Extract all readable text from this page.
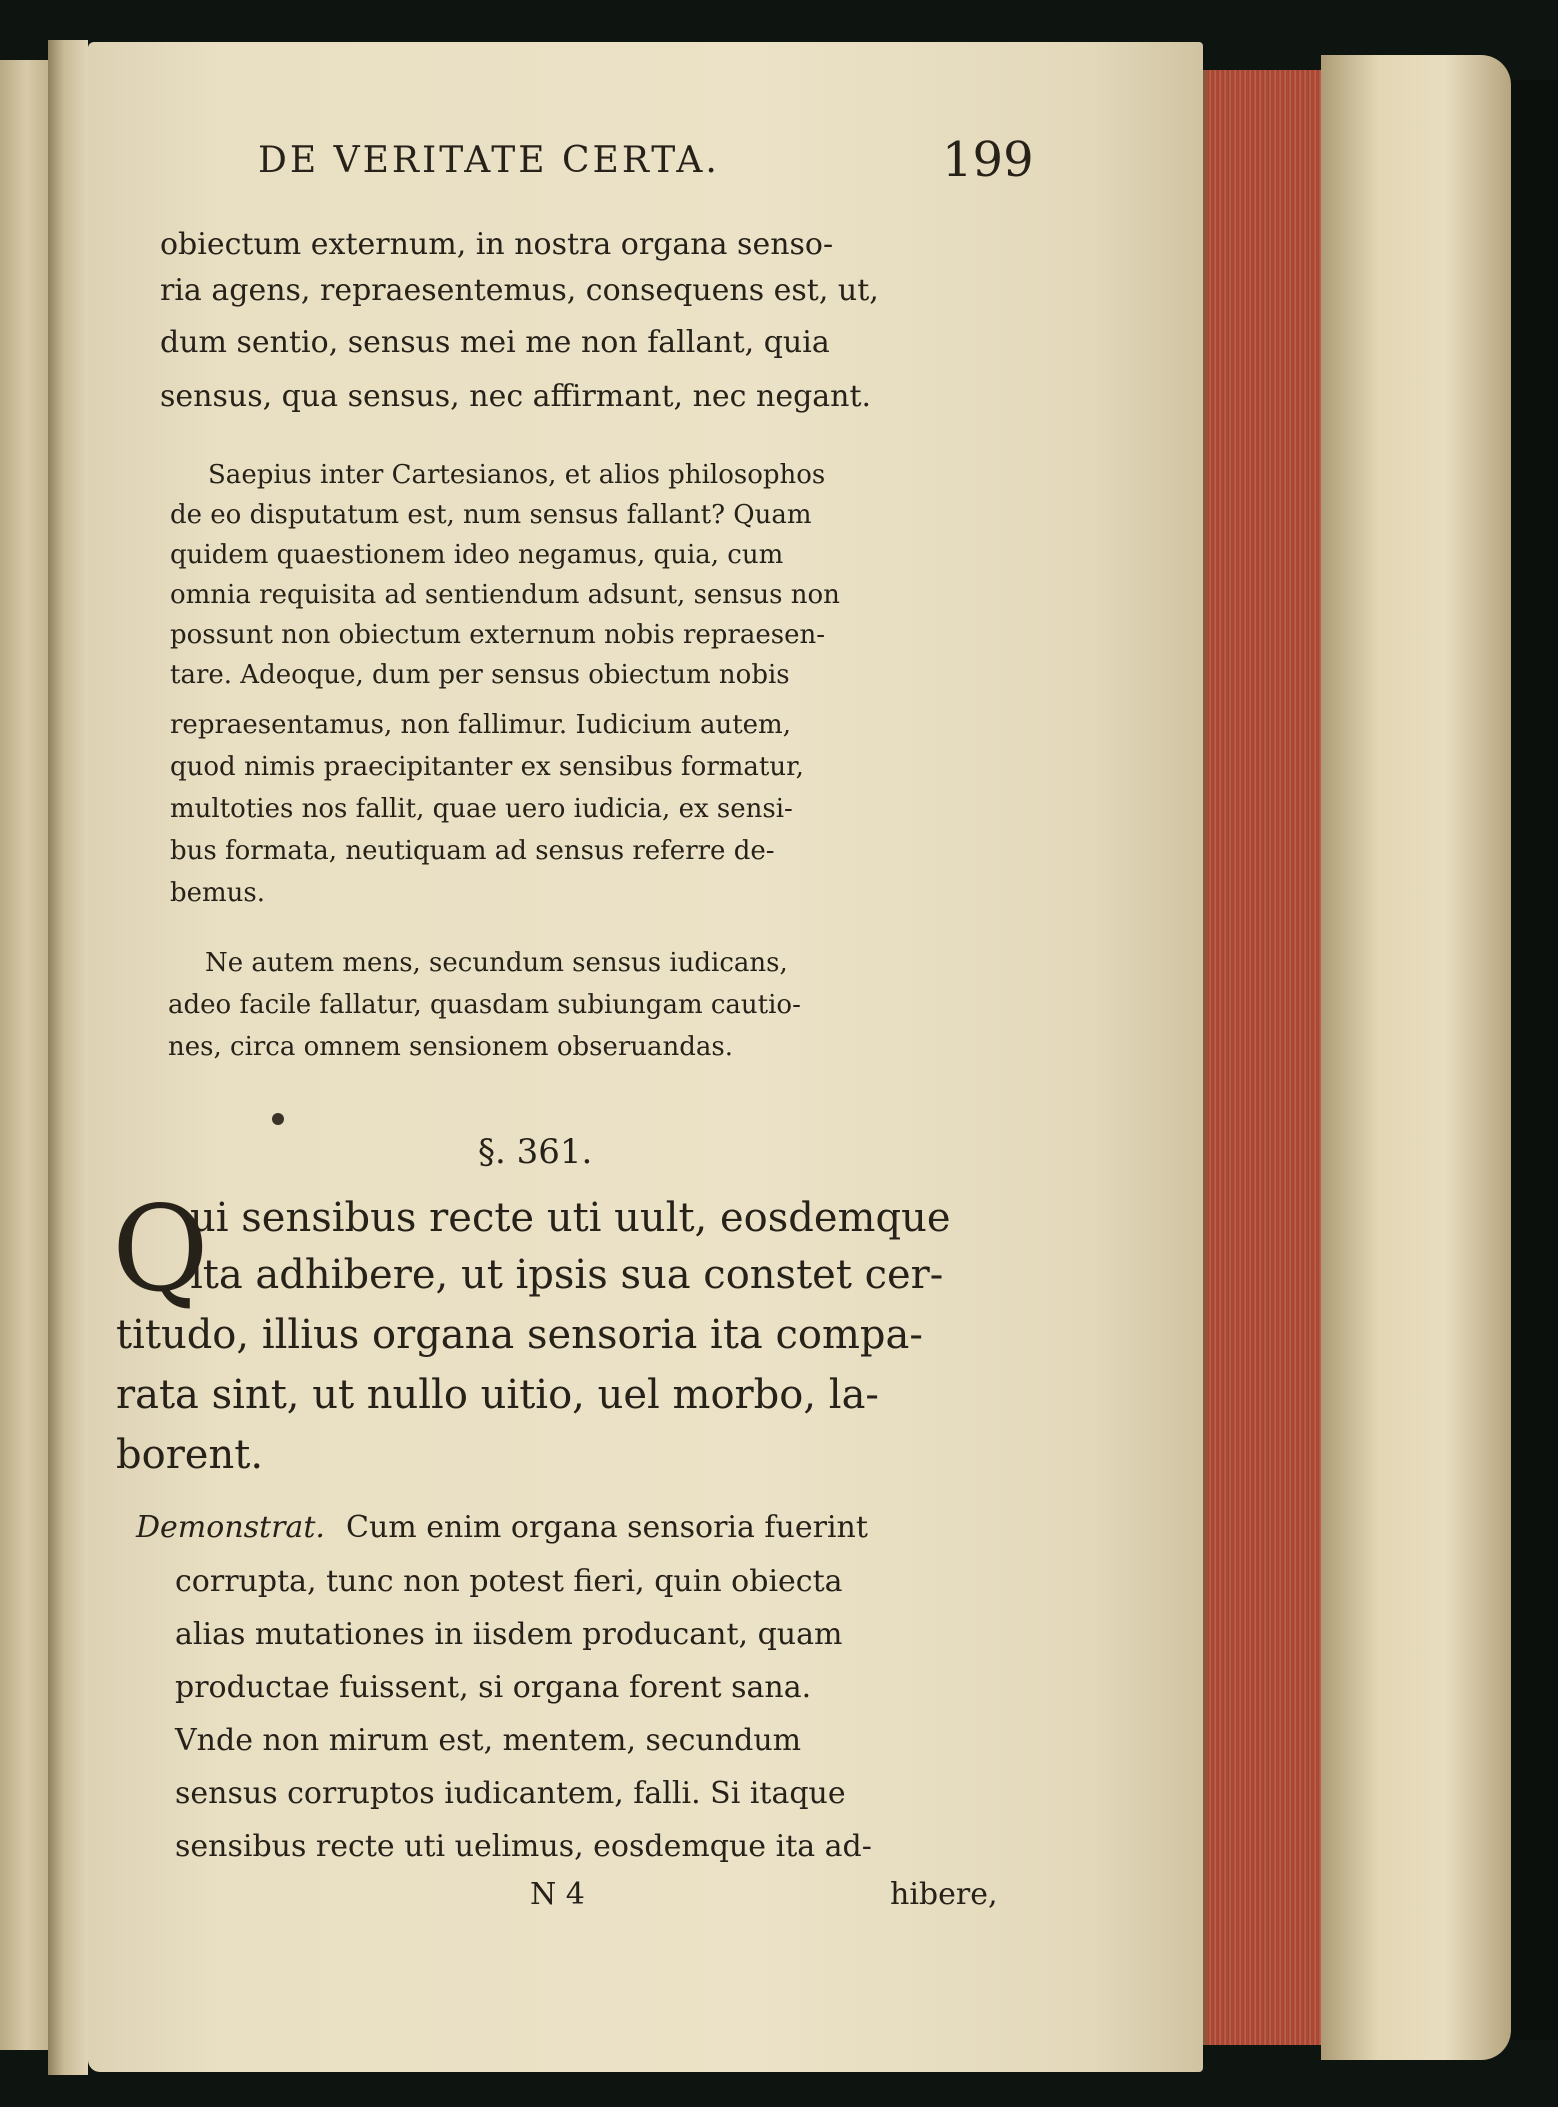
DE VERITATE CERTA.	199
obiectum externum, in nostra organa senso-
ria agens, repraesentemus, consequens est, ut,
dum sentio, sensus mei me non fallant, quia
sensus, qua sensus, nec affirmant, nec negant.
Saepius inter Cartesianos, et alios philosophos
de eo disputatum est, num sensus fallant? Quam
quidem quaestionem ideo negamus, quia, cum
omnia requisita ad sentiendum adsunt, sensus non
possunt non obiectum externum nobis repraesen-
tare. Adeoque, dum per sensus obiectum nobis
repraesentamus, non fallimur. Iudicium autem,
quod nimis praecipitanter ex sensibus formatur,
multoties nos fallit, quae uero iudicia, ex sensi-
bus formata, neutiquam ad sensus referre de-
bemus.
Ne autem mens, secundum sensus iudicans,
adeo facile fallatur, quasdam subiungam cautio-
nes, circa omnem sensionem obseruandas.
§. 361.
Q
ui sensibus recte uti uult, eosdemque
ita adhibere, ut ipsis sua constet cer-
titudo, illius organa sensoria ita compa-
rata sint, ut nullo uitio, uel morbo, la-
borent.
Demonstrat. Cum enim organa sensoria fuerint
corrupta, tunc non potest fieri, quin obiecta
alias mutationes in iisdem producant, quam
productae fuissent, si organa forent sana.
Vnde non mirum est, mentem, secundum
sensus corruptos iudicantem, falli. Si itaque
sensibus recte uti uelimus, eosdemque ita ad-
N 4	hibere,
